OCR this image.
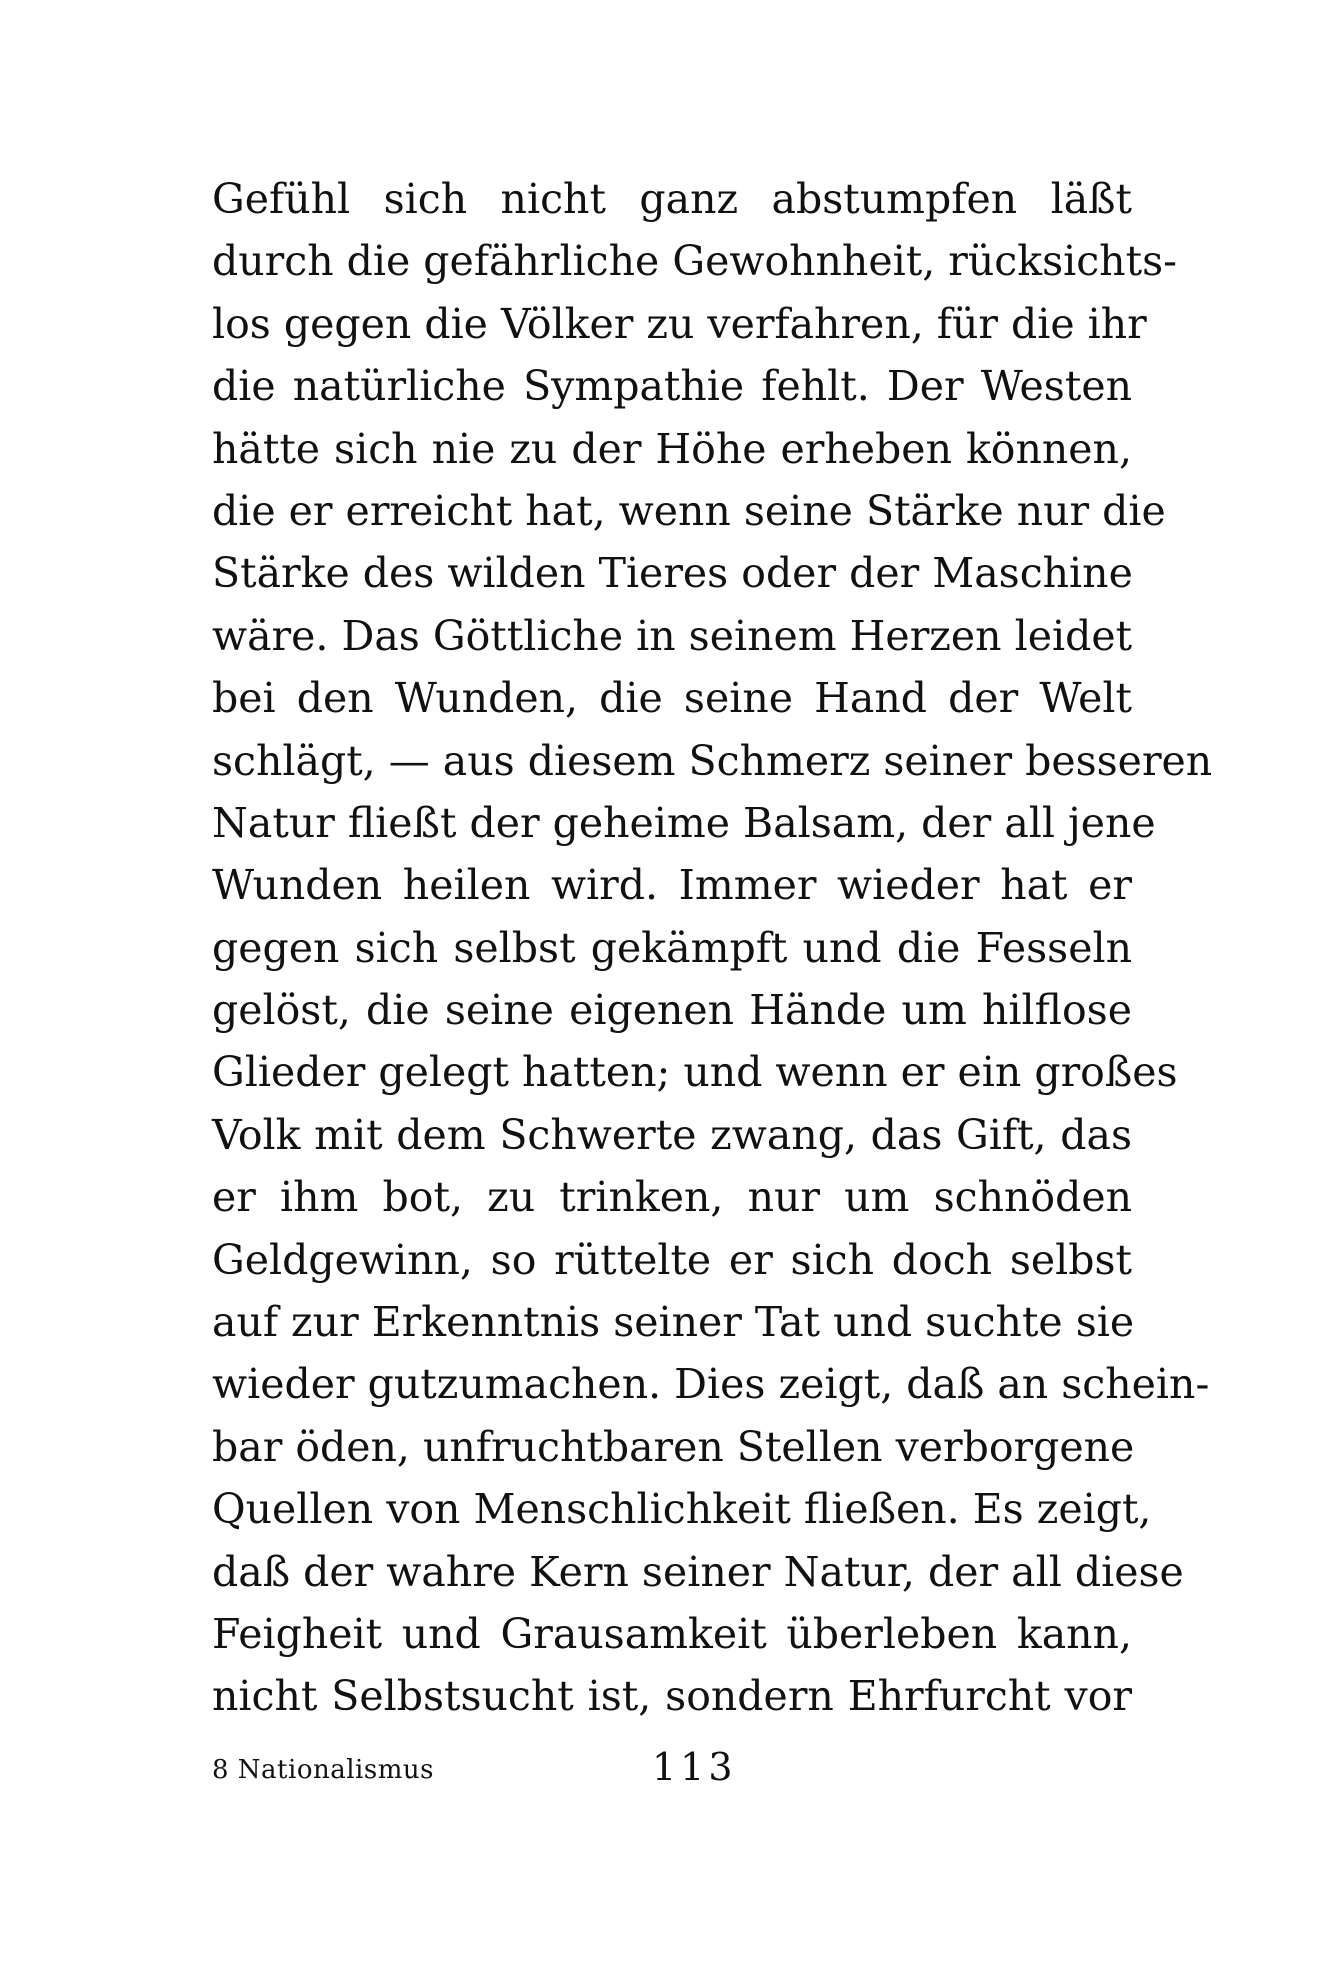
Gefühl sich nicht ganz abstumpfen läßt
durch die gefährliche Gewohnheit, rücksichts-
los gegen die Völker zu verfahren, für die ihr
die natürliche Sympathie fehlt. Der Westen
hätte sich nie zu der Höhe erheben können,
die er erreicht hat, wenn seine Stärke nur die
Stärke des wilden Tieres oder der Maschine
wäre. Das Göttliche in seinem Herzen leidet
bei den Wunden, die seine Hand der Welt
schlägt, — aus diesem Schmerz seiner besseren
Natur fließt der geheime Balsam, der all jene
Wunden heilen wird. Immer wieder hat er
gegen sich selbst gekämpft und die Fesseln
gelöst, die seine eigenen Hände um hilflose
Glieder gelegt hatten; und wenn er ein großes
Volk mit dem Schwerte zwang, das Gift, das
er ihm bot, zu trinken, nur um schnöden
Geldgewinn, so rüttelte er sich doch selbst
auf zur Erkenntnis seiner Tat und suchte sie
wieder gutzumachen. Dies zeigt, daß an schein-
bar öden, unfruchtbaren Stellen verborgene
Quellen von Menschlichkeit fließen. Es zeigt,
daß der wahre Kern seiner Natur, der all diese
Feigheit und Grausamkeit überleben kann,
nicht Selbstsucht ist, sondern Ehrfurcht vor
8 Nationalismus	113
